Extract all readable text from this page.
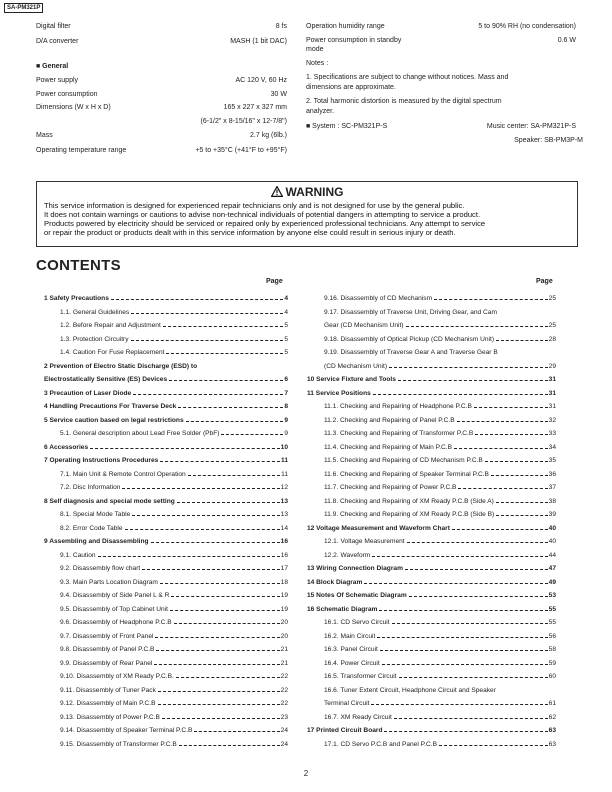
SA-PM321P
Digital filter	8 fs
D/A converter	MASH (1 bit DAC)
■ General
Power supply	AC 120 V, 60 Hz
Power consumption	30 W
Dimensions (W x H x D)	165 x 227 x 327 mm
(6-1/2" x 8-15/16" x 12-7/8")
Mass	2.7 kg (6lb.)
Operating temperature range	+5 to +35°C (+41°F to +95°F)
Operation humidity range	5 to 90% RH (no condensation)
Power consumption in standby	0.6 W
mode
Notes :
1. Specifications are subject to change without notices. Mass and
dimensions are approximate.
2. Total harmonic distortion is measured by the digital spectrum
analyzer.
■ System : SC-PM321P-S	Music center: SA-PM321P-S
Speaker: SB-PM3P-M
WARNING
This service information is designed for experienced repair technicians only and is not designed for use by the general public.
It does not contain warnings or cautions to advise non-technical individuals of potential dangers in attempting to service a product.
Products powered by electricity should be serviced or repaired only by experienced professional technicians. Any attempt to service
or repair the product or products dealt with in this service information by anyone else could result in serious injury or death.
CONTENTS
Page	Page
1 Safety Precautions	4
1.1. General Guidelines	4
1.2. Before Repair and Adjustment	5
1.3. Protection Circuitry	5
1.4. Caution For Fuse Replacement	5
2 Prevention of Electro Static Discharge (ESD) to
Electrostatically Sensitive (ES) Devices	6
3 Precaution of Laser Diode	7
4 Handling Precautions For Traverse Deck	8
5 Service caution based on legal restrictions	9
5.1. General description about Lead Free Solder (PbF)	9
6 Accessories	10
7 Operating Instructions Procedures	11
7.1. Main Unit & Remote Control Operation	11
7.2. Disc Information	12
8 Self diagnosis and special mode setting	13
8.1. Special Mode Table	13
8.2. Error Code Table	14
9 Assembling and Disassembling	16
9.1. Caution	16
9.2. Disassembly flow chart	17
9.3. Main Parts Location Diagram	18
9.4. Disassembly of Side Panel L & R	19
9.5. Disassembly of Top Cabinet Unit	19
9.6. Disassembly of Headphone P.C.B	20
9.7. Disassembly of Front Panel	20
9.8. Disassembly of Panel P.C.B	21
9.9. Disassembly of Rear Panel	21
9.10. Disassembly of XM Ready P.C.B.	22
9.11. Disassembly of Tuner Pack	22
9.12. Disassembly of Main P.C.B	22
9.13. Disassembly of Power P.C.B	23
9.14. Disassembly of Speaker Terminal P.C.B	24
9.15. Disassembly of Transformer P.C.B	24
9.16. Disassembly of CD Mechanism	25
9.17. Disassembly of Traverse Unit, Driving Gear, and Cam
Gear (CD Mechanism Unit)	25
9.18. Disassembly of Optical Pickup (CD Mechanism Unit)	28
9.19. Disassembly of Traverse Gear A and Traverse Gear B
(CD Mechanism Unit)	29
10 Service Fixture and Tools	31
11 Service Positions	31
11.1. Checking and Repairing of Headphone P.C.B	31
11.2. Checking and Repairing of Panel P.C.B	32
11.3. Checking and Repairing of Transformer P.C.B	33
11.4. Checking and Repairing of Main P.C.B	34
11.5. Checking and Repairing of CD Mechanism P.C.B	35
11.6. Checking and Repairing of Speaker Terminal P.C.B	36
11.7. Checking and Repairing of Power P.C.B	37
11.8. Checking and Repairing of XM Ready P.C.B (Side A)	38
11.9. Checking and Repairing of XM Ready P.C.B (Side B)	39
12 Voltage Measurement and Waveform Chart	40
12.1. Voltage Measurement	40
12.2. Waveform	44
13 Wiring Connection Diagram	47
14 Block Diagram	49
15 Notes Of Schematic Diagram	53
16 Schematic Diagram	55
16.1. CD Servo Circuit	55
16.2. Main Circuit	56
16.3. Panel Circuit	58
16.4. Power Circuit	59
16.5. Transformer Circuit	60
16.6. Tuner Extent Circuit, Headphone Circuit and Speaker
Terminal Circuit	61
16.7. XM Ready Circuit	62
17 Printed Circuit Board	63
17.1. CD Servo P.C.B and Panel P.C.B	63
2
